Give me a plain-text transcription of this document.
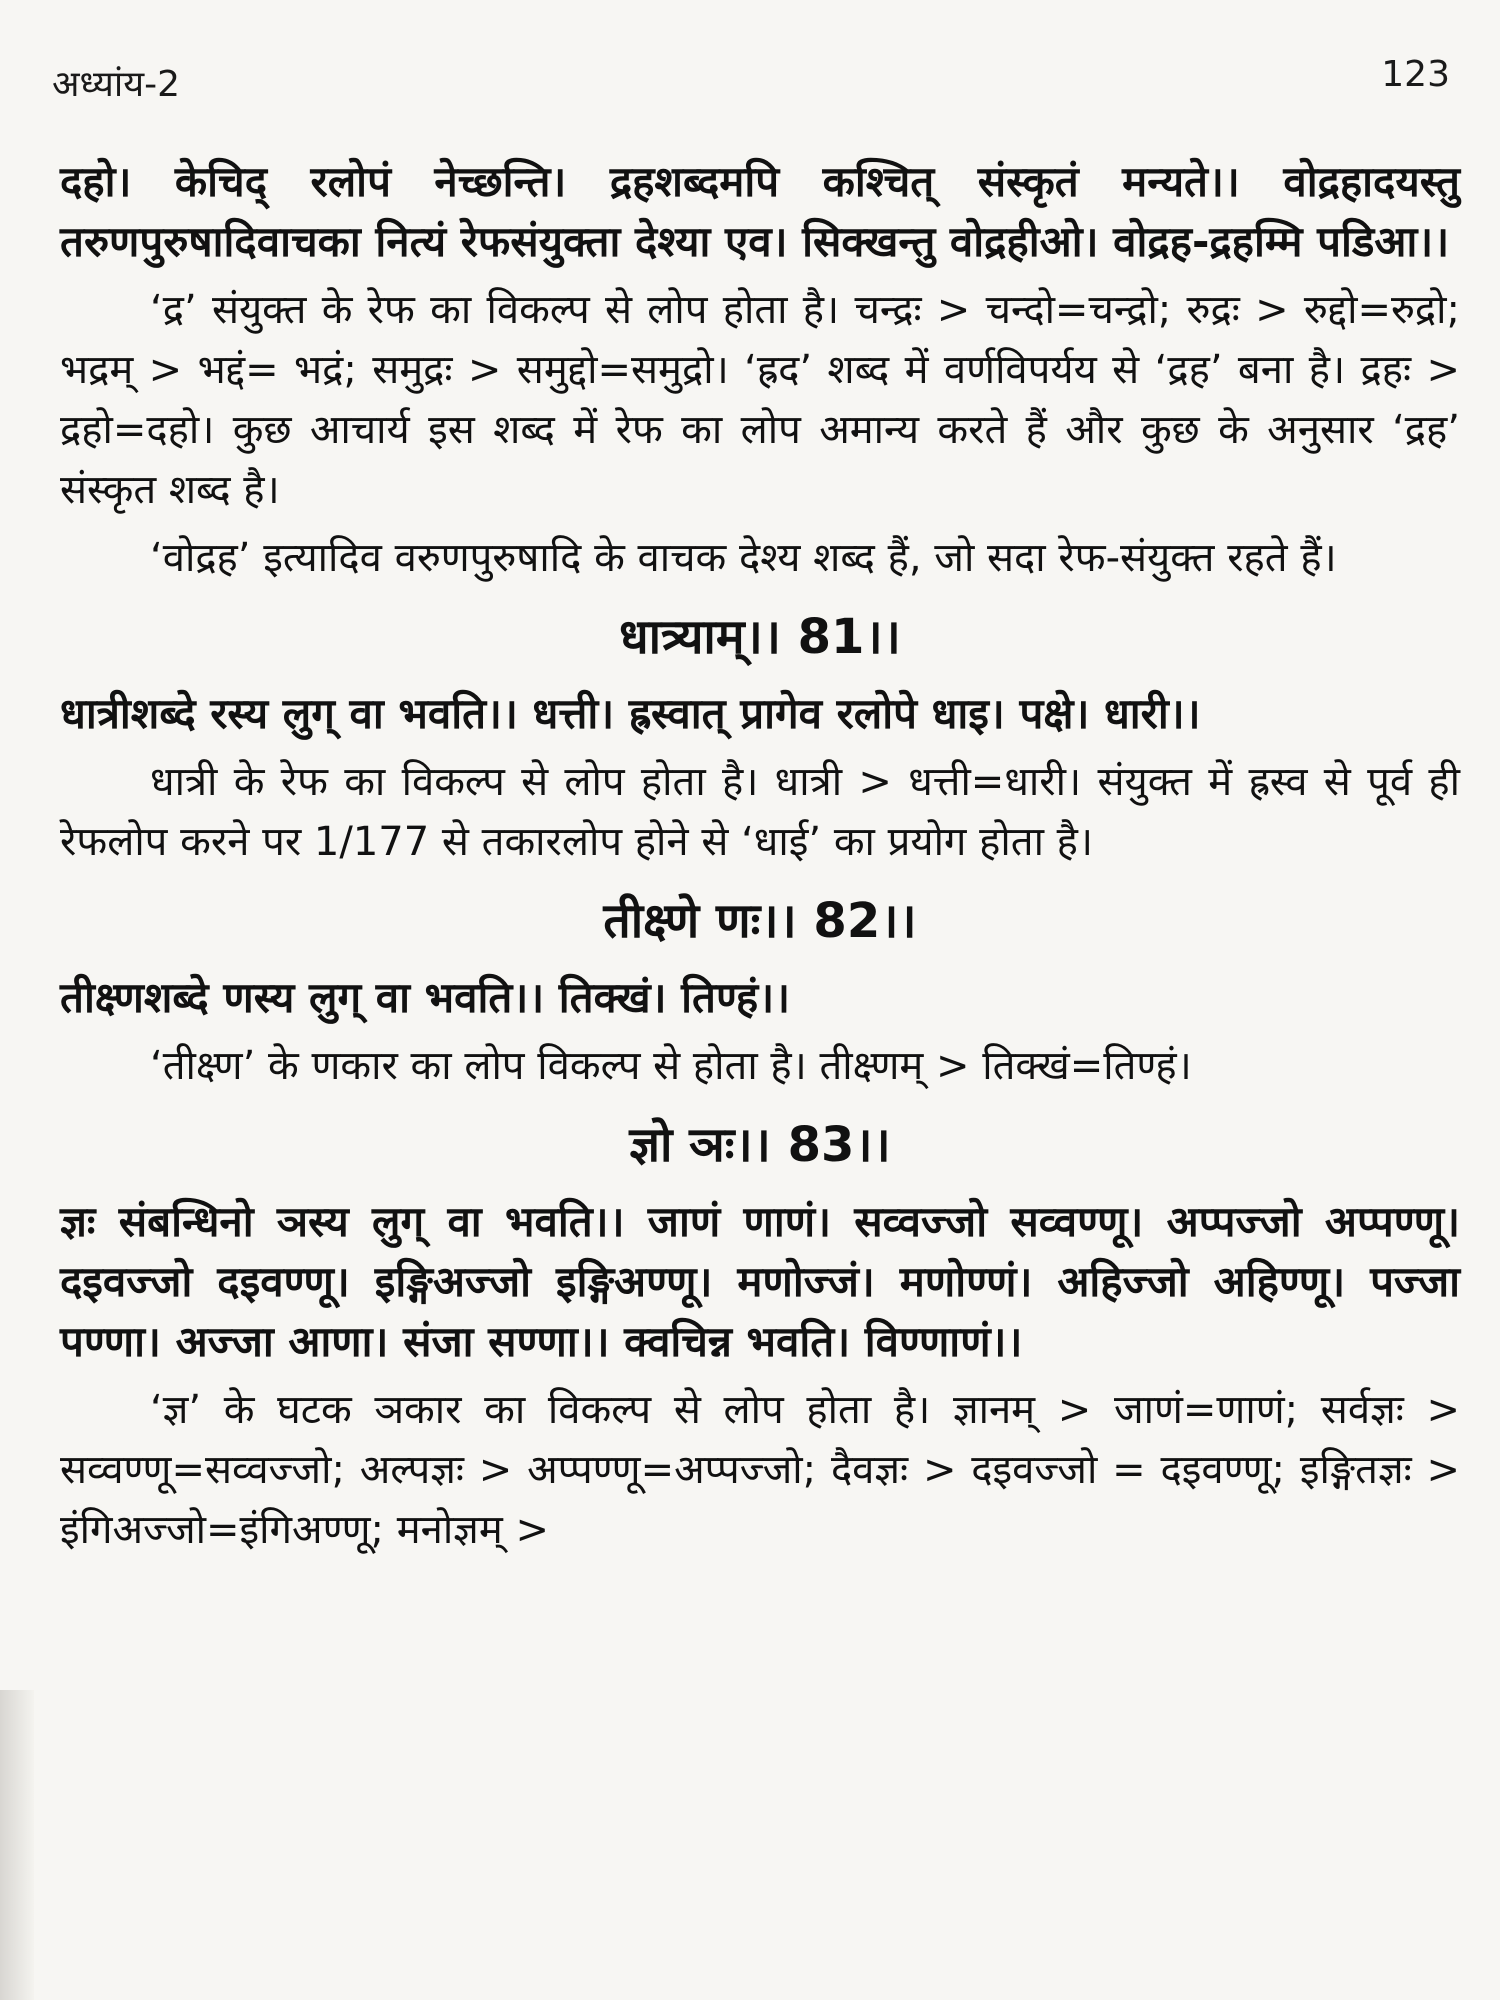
अध्यांय-2	123

दहो। केचिद् रलोपं नेच्छन्ति। द्रहशब्दमपि कश्चित् संस्कृतं मन्यते।। वोद्रहादयस्तु तरुणपुरुषादिवाचका नित्यं रेफसंयुक्ता देश्या एव। सिक्खन्तु वोद्रहीओ। वोद्रह-द्रहम्मि पडिआ।।

‘द्र’ संयुक्त के रेफ का विकल्प से लोप होता है। चन्द्रः > चन्दो=चन्द्रो; रुद्रः > रुद्दो=रुद्रो; भद्रम् > भद्दं= भद्रं; समुद्रः > समुद्दो=समुद्रो। ‘ह्रद’ शब्द में वर्णविपर्यय से ‘द्रह’ बना है। द्रहः > द्रहो=दहो। कुछ आचार्य इस शब्द में रेफ का लोप अमान्य करते हैं और कुछ के अनुसार ‘द्रह’ संस्कृत शब्द है।

‘वोद्रह’ इत्यादिव वरुणपुरुषादि के वाचक देश्य शब्द हैं, जो सदा रेफ-संयुक्त रहते हैं।

धात्र्याम्।। 81।।

धात्रीशब्दे रस्य लुग् वा भवति।। धत्ती। ह्रस्वात् प्रागेव रलोपे धाइ। पक्षे। धारी।।

धात्री के रेफ का विकल्प से लोप होता है। धात्री > धत्ती=धारी। संयुक्त में ह्रस्व से पूर्व ही रेफलोप करने पर 1/177 से तकारलोप होने से ‘धाई’ का प्रयोग होता है।

तीक्ष्णे णः।। 82।।

तीक्ष्णशब्दे णस्य लुग् वा भवति।। तिक्खं। तिण्हं।।

‘तीक्ष्ण’ के णकार का लोप विकल्प से होता है। तीक्ष्णम् > तिक्खं=तिण्हं।

ज्ञो ञः।। 83।।

ज्ञः संबन्धिनो ञस्य लुग् वा भवति।। जाणं णाणं। सव्वज्जो सव्वण्णू। अप्पज्जो अप्पण्णू। दइवज्जो दइवण्णू। इङ्गिअज्जो इङ्गिअण्णू। मणोज्जं। मणोण्णं। अहिज्जो अहिण्णू। पज्जा पण्णा। अज्जा आणा। संजा सण्णा।। क्वचिन्न भवति। विण्णाणं।।

‘ज्ञ’ के घटक ञकार का विकल्प से लोप होता है। ज्ञानम् > जाणं=णाणं; सर्वज्ञः > सव्वण्णू=सव्वज्जो; अल्पज्ञः > अप्पण्णू=अप्पज्जो; दैवज्ञः > दइवज्जो = दइवण्णू; इङ्गितज्ञः > इंगिअज्जो=इंगिअण्णू; मनोज्ञम् >
